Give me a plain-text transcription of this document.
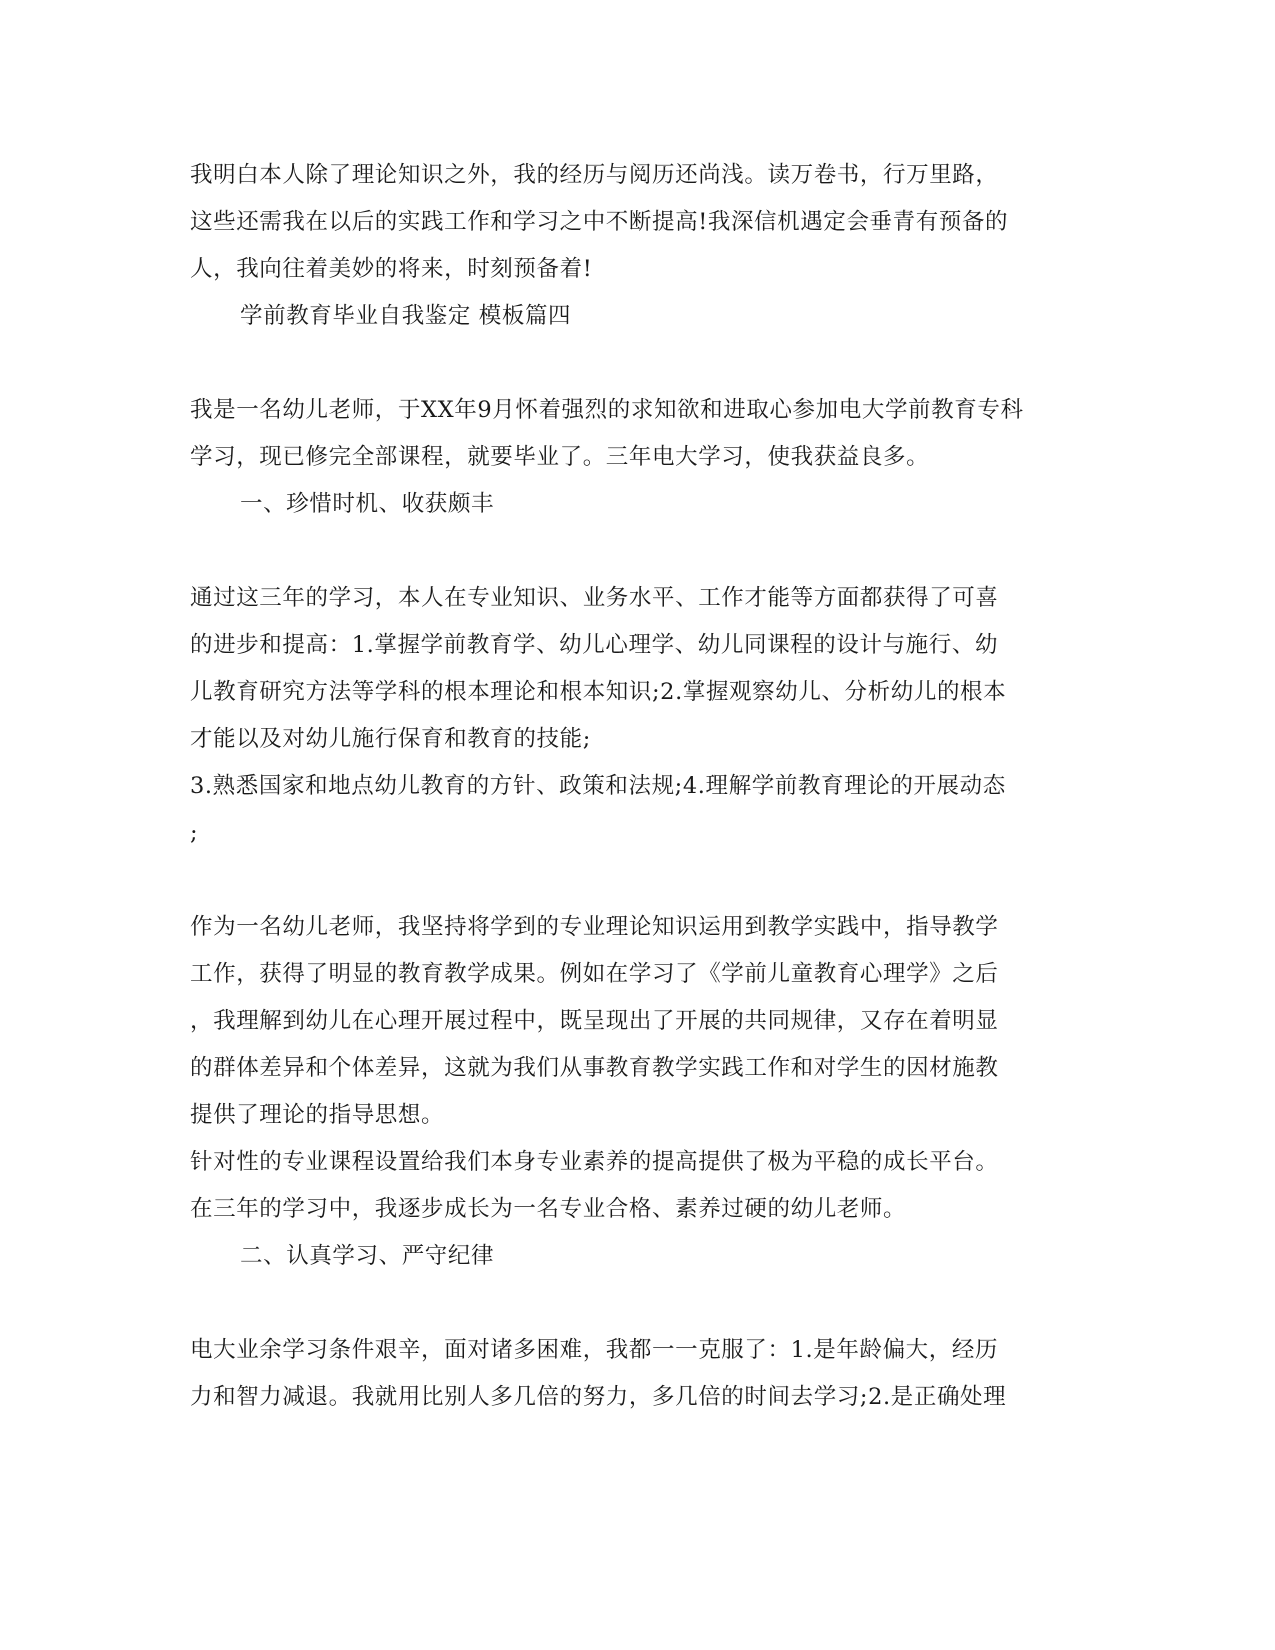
我明白本人除了理论知识之外，我的经历与阅历还尚浅。读万卷书，行万里路，
这些还需我在以后的实践工作和学习之中不断提高!我深信机遇定会垂青有预备的
人，我向往着美妙的将来，时刻预备着!
学前教育毕业自我鉴定 模板篇四
我是一名幼儿老师，于XX年9月怀着强烈的求知欲和进取心参加电大学前教育专科
学习，现已修完全部课程，就要毕业了。三年电大学习，使我获益良多。
一、珍惜时机、收获颇丰
通过这三年的学习，本人在专业知识、业务水平、工作才能等方面都获得了可喜
的进步和提高：1.掌握学前教育学、幼儿心理学、幼儿同课程的设计与施行、幼
儿教育研究方法等学科的根本理论和根本知识;2.掌握观察幼儿、分析幼儿的根本
才能以及对幼儿施行保育和教育的技能;
3.熟悉国家和地点幼儿教育的方针、政策和法规;4.理解学前教育理论的开展动态
;
作为一名幼儿老师，我坚持将学到的专业理论知识运用到教学实践中，指导教学
工作，获得了明显的教育教学成果。例如在学习了《学前儿童教育心理学》之后
，我理解到幼儿在心理开展过程中，既呈现出了开展的共同规律，又存在着明显
的群体差异和个体差异，这就为我们从事教育教学实践工作和对学生的因材施教
提供了理论的指导思想。
针对性的专业课程设置给我们本身专业素养的提高提供了极为平稳的成长平台。
在三年的学习中，我逐步成长为一名专业合格、素养过硬的幼儿老师。
二、认真学习、严守纪律
电大业余学习条件艰辛，面对诸多困难，我都一一克服了：1.是年龄偏大，经历
力和智力减退。我就用比别人多几倍的努力，多几倍的时间去学习;2.是正确处理
